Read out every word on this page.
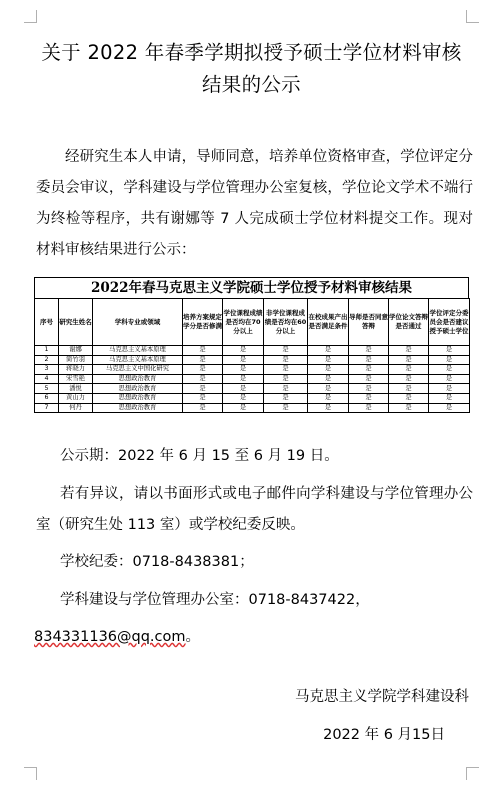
关于 2022 年春季学期拟授予硕士学位材料审核
结果的公示
经研究生本人申请，导师同意，培养单位资格审查，学位评定分委员会审议，学科建设与学位管理办公室复核，学位论文学术不端行为终检等程序，共有谢娜等 7 人完成硕士学位材料提交工作。现对材料审核结果进行公示：
2022年春马克思主义学院硕士学位授予材料审核结果
序号	研究生姓名	学科专业或领域	培养方案规定学分是否修满	学位课程成绩是否均在70分以上	非学位课程成绩是否均在60分以上	在校成果产出是否满足条件	导师是否同意答辩	学位论文答辩是否通过	学位评定分委员会是否建议授予硕士学位
1	谢娜	马克思主义基本原理	是	是	是	是	是	是	是
2	简竹羽	马克思主义基本原理	是	是	是	是	是	是	是
3	蒋晓力	马克思主义中国化研究	是	是	是	是	是	是	是
4	宋雪艳	思想政治教育	是	是	是	是	是	是	是
5	潘悦	思想政治教育	是	是	是	是	是	是	是
6	黄山力	思想政治教育	是	是	是	是	是	是	是
7	何丹	思想政治教育	是	是	是	是	是	是	是
公示期：2022 年 6 月 15 至 6 月 19 日。
若有异议，请以书面形式或电子邮件向学科建设与学位管理办公室（研究生处 113 室）或学校纪委反映。
学校纪委：0718-8438381；
学科建设与学位管理办公室：0718-8437422，
834331136@qq.com。
马克思主义学院学科建设科
2022 年 6 月15日
